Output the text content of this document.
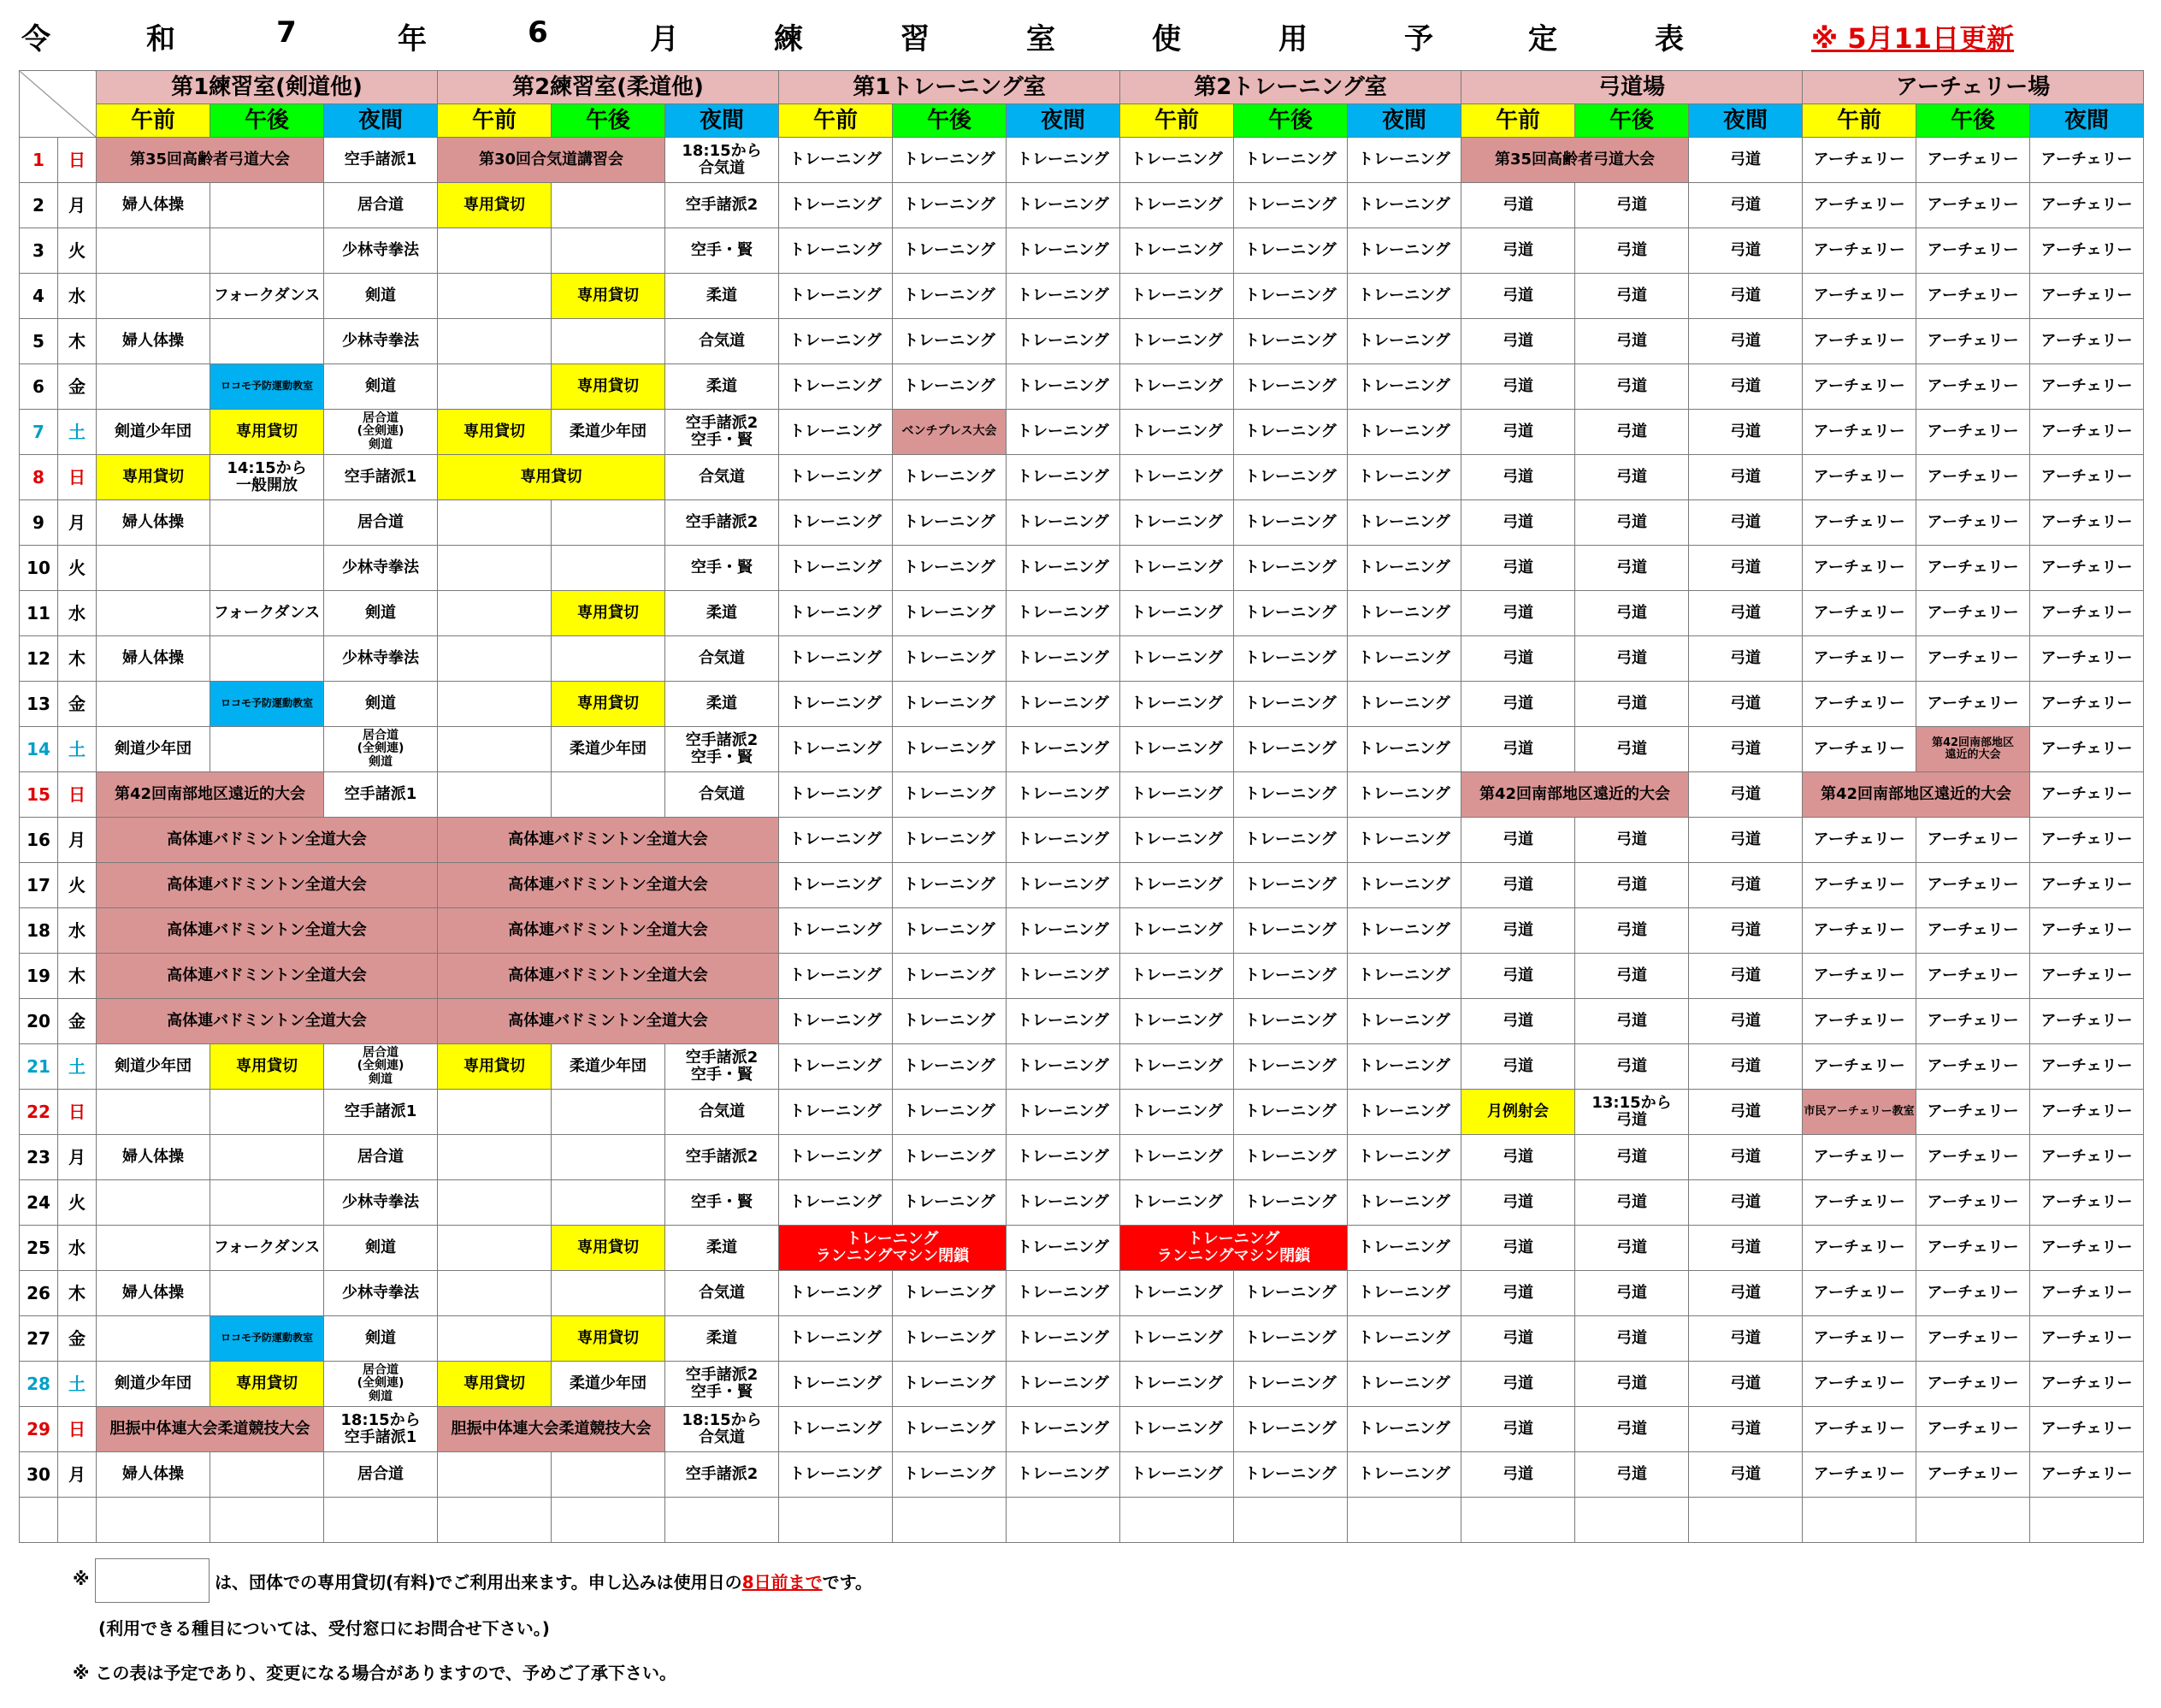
令	和	7	年	6	月	練	習	室	使	用	予	定	表	※ 5月11日更新
		第1練習室(剣道他)			第2練習室(柔道他)			第1トレーニング室			第2トレーニング室			弓道場			アーチェリー場		
		午前	午後	夜間	午前	午後	夜間	午前	午後	夜間	午前	午後	夜間	午前	午後	夜間	午前	午後	夜間
1	日	第35回高齢者弓道大会		空手諸派1	第30回合気道講習会		18:15から
合気道	トレーニング	トレーニング	トレーニング	トレーニング	トレーニング	トレーニング	第35回高齢者弓道大会		弓道	アーチェリー	アーチェリー	アーチェリー
2	月	婦人体操		居合道	専用貸切		空手諸派2	トレーニング	トレーニング	トレーニング	トレーニング	トレーニング	トレーニング	弓道	弓道	弓道	アーチェリー	アーチェリー	アーチェリー
3	火			少林寺拳法			空手・賢	トレーニング	トレーニング	トレーニング	トレーニング	トレーニング	トレーニング	弓道	弓道	弓道	アーチェリー	アーチェリー	アーチェリー
4	水		フォークダンス	剣道		専用貸切	柔道	トレーニング	トレーニング	トレーニング	トレーニング	トレーニング	トレーニング	弓道	弓道	弓道	アーチェリー	アーチェリー	アーチェリー
5	木	婦人体操		少林寺拳法			合気道	トレーニング	トレーニング	トレーニング	トレーニング	トレーニング	トレーニング	弓道	弓道	弓道	アーチェリー	アーチェリー	アーチェリー
6	金		ロコモ予防運動教室	剣道		専用貸切	柔道	トレーニング	トレーニング	トレーニング	トレーニング	トレーニング	トレーニング	弓道	弓道	弓道	アーチェリー	アーチェリー	アーチェリー
7	土	剣道少年団	専用貸切	居合道
(全剣連)
剣道	専用貸切	柔道少年団	空手諸派2
空手・賢	トレーニング	ベンチプレス大会	トレーニング	トレーニング	トレーニング	トレーニング	弓道	弓道	弓道	アーチェリー	アーチェリー	アーチェリー
8	日	専用貸切	14:15から
一般開放	空手諸派1	専用貸切		合気道	トレーニング	トレーニング	トレーニング	トレーニング	トレーニング	トレーニング	弓道	弓道	弓道	アーチェリー	アーチェリー	アーチェリー
9	月	婦人体操		居合道			空手諸派2	トレーニング	トレーニング	トレーニング	トレーニング	トレーニング	トレーニング	弓道	弓道	弓道	アーチェリー	アーチェリー	アーチェリー
10	火			少林寺拳法			空手・賢	トレーニング	トレーニング	トレーニング	トレーニング	トレーニング	トレーニング	弓道	弓道	弓道	アーチェリー	アーチェリー	アーチェリー
11	水		フォークダンス	剣道		専用貸切	柔道	トレーニング	トレーニング	トレーニング	トレーニング	トレーニング	トレーニング	弓道	弓道	弓道	アーチェリー	アーチェリー	アーチェリー
12	木	婦人体操		少林寺拳法			合気道	トレーニング	トレーニング	トレーニング	トレーニング	トレーニング	トレーニング	弓道	弓道	弓道	アーチェリー	アーチェリー	アーチェリー
13	金		ロコモ予防運動教室	剣道		専用貸切	柔道	トレーニング	トレーニング	トレーニング	トレーニング	トレーニング	トレーニング	弓道	弓道	弓道	アーチェリー	アーチェリー	アーチェリー
14	土	剣道少年団		居合道
(全剣連)
剣道		柔道少年団	空手諸派2
空手・賢	トレーニング	トレーニング	トレーニング	トレーニング	トレーニング	トレーニング	弓道	弓道	弓道	アーチェリー	第42回南部地区
遠近的大会	アーチェリー
15	日	第42回南部地区遠近的大会		空手諸派1			合気道	トレーニング	トレーニング	トレーニング	トレーニング	トレーニング	トレーニング	第42回南部地区遠近的大会		弓道	第42回南部地区遠近的大会		アーチェリー
16	月	高体連バドミントン全道大会			高体連バドミントン全道大会			トレーニング	トレーニング	トレーニング	トレーニング	トレーニング	トレーニング	弓道	弓道	弓道	アーチェリー	アーチェリー	アーチェリー
17	火	高体連バドミントン全道大会			高体連バドミントン全道大会			トレーニング	トレーニング	トレーニング	トレーニング	トレーニング	トレーニング	弓道	弓道	弓道	アーチェリー	アーチェリー	アーチェリー
18	水	高体連バドミントン全道大会			高体連バドミントン全道大会			トレーニング	トレーニング	トレーニング	トレーニング	トレーニング	トレーニング	弓道	弓道	弓道	アーチェリー	アーチェリー	アーチェリー
19	木	高体連バドミントン全道大会			高体連バドミントン全道大会			トレーニング	トレーニング	トレーニング	トレーニング	トレーニング	トレーニング	弓道	弓道	弓道	アーチェリー	アーチェリー	アーチェリー
20	金	高体連バドミントン全道大会			高体連バドミントン全道大会			トレーニング	トレーニング	トレーニング	トレーニング	トレーニング	トレーニング	弓道	弓道	弓道	アーチェリー	アーチェリー	アーチェリー
21	土	剣道少年団	専用貸切	居合道
(全剣連)
剣道	専用貸切	柔道少年団	空手諸派2
空手・賢	トレーニング	トレーニング	トレーニング	トレーニング	トレーニング	トレーニング	弓道	弓道	弓道	アーチェリー	アーチェリー	アーチェリー
22	日			空手諸派1			合気道	トレーニング	トレーニング	トレーニング	トレーニング	トレーニング	トレーニング	月例射会	13:15から
弓道	弓道	市民アーチェリー教室	アーチェリー	アーチェリー
23	月	婦人体操		居合道			空手諸派2	トレーニング	トレーニング	トレーニング	トレーニング	トレーニング	トレーニング	弓道	弓道	弓道	アーチェリー	アーチェリー	アーチェリー
24	火			少林寺拳法			空手・賢	トレーニング	トレーニング	トレーニング	トレーニング	トレーニング	トレーニング	弓道	弓道	弓道	アーチェリー	アーチェリー	アーチェリー
25	水		フォークダンス	剣道		専用貸切	柔道	トレーニング
ランニングマシン閉鎖		トレーニング	トレーニング
ランニングマシン閉鎖		トレーニング	弓道	弓道	弓道	アーチェリー	アーチェリー	アーチェリー
26	木	婦人体操		少林寺拳法			合気道	トレーニング	トレーニング	トレーニング	トレーニング	トレーニング	トレーニング	弓道	弓道	弓道	アーチェリー	アーチェリー	アーチェリー
27	金		ロコモ予防運動教室	剣道		専用貸切	柔道	トレーニング	トレーニング	トレーニング	トレーニング	トレーニング	トレーニング	弓道	弓道	弓道	アーチェリー	アーチェリー	アーチェリー
28	土	剣道少年団	専用貸切	居合道
(全剣連)
剣道	専用貸切	柔道少年団	空手諸派2
空手・賢	トレーニング	トレーニング	トレーニング	トレーニング	トレーニング	トレーニング	弓道	弓道	弓道	アーチェリー	アーチェリー	アーチェリー
29	日	胆振中体連大会柔道競技大会		18:15から
空手諸派1	胆振中体連大会柔道競技大会		18:15から
合気道	トレーニング	トレーニング	トレーニング	トレーニング	トレーニング	トレーニング	弓道	弓道	弓道	アーチェリー	アーチェリー	アーチェリー
30	月	婦人体操		居合道			空手諸派2	トレーニング	トレーニング	トレーニング	トレーニング	トレーニング	トレーニング	弓道	弓道	弓道	アーチェリー	アーチェリー	アーチェリー

※	は、団体での専用貸切(有料)でご利用出来ます。申し込みは使用日の8日前までです。
(利用できる種目については、受付窓口にお問合せ下さい。)
※ この表は予定であり、変更になる場合がありますので、予めご了承下さい。
